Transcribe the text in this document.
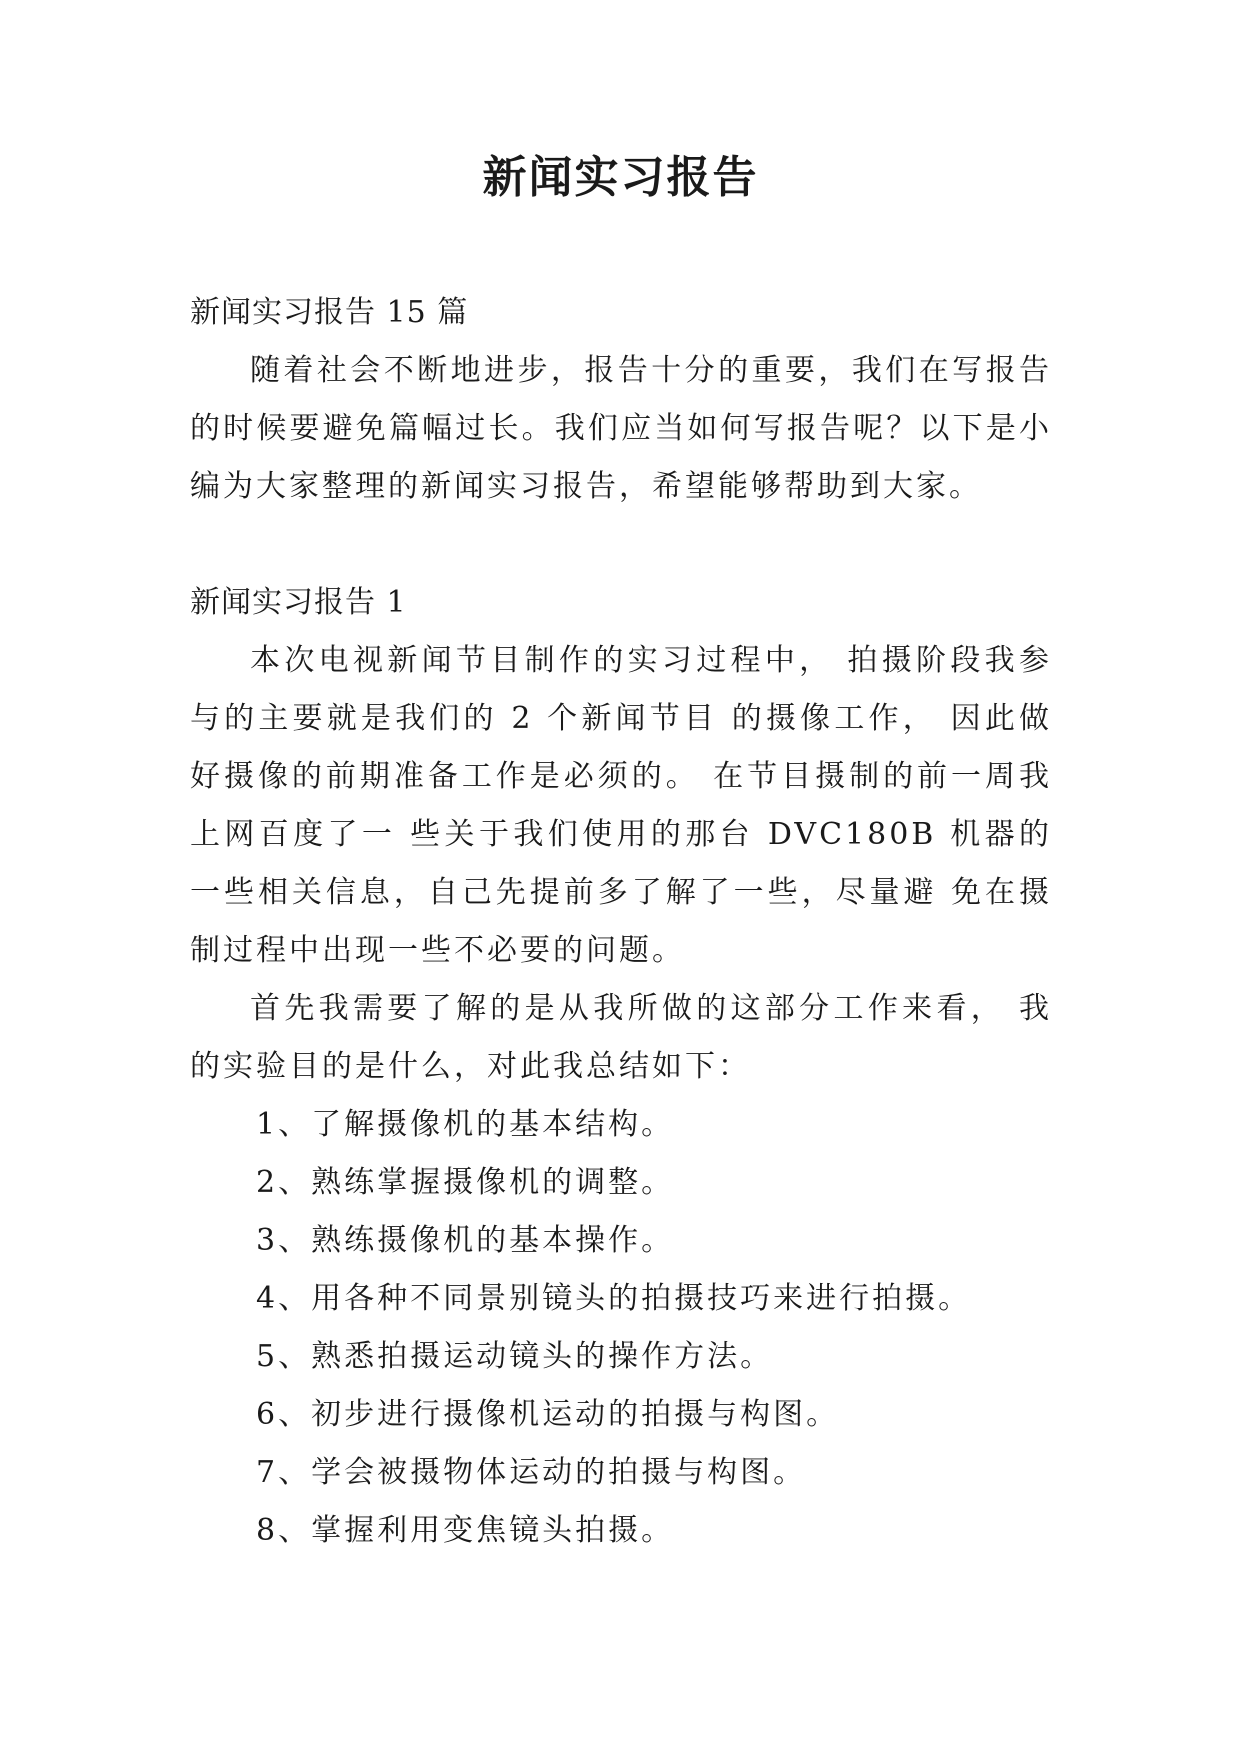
新闻实习报告

新闻实习报告 15 篇

随着社会不断地进步，报告十分的重要，我们在写报告的时候要避免篇幅过长。我们应当如何写报告呢？以下是小编为大家整理的新闻实习报告，希望能够帮助到大家。

新闻实习报告 1

本次电视新闻节目制作的实习过程中， 拍摄阶段我参与的主要就是我们的 2 个新闻节目 的摄像工作， 因此做好摄像的前期准备工作是必须的。 在节目摄制的前一周我上网百度了一 些关于我们使用的那台 DVC180B 机器的一些相关信息，自己先提前多了解了一些，尽量避 免在摄制过程中出现一些不必要的问题。

首先我需要了解的是从我所做的这部分工作来看， 我的实验目的是什么，对此我总结如下：

1、了解摄像机的基本结构。

2、熟练掌握摄像机的调整。

3、熟练摄像机的基本操作。

4、用各种不同景别镜头的拍摄技巧来进行拍摄。

5、熟悉拍摄运动镜头的操作方法。

6、初步进行摄像机运动的拍摄与构图。

7、学会被摄物体运动的拍摄与构图。

8、掌握利用变焦镜头拍摄。
